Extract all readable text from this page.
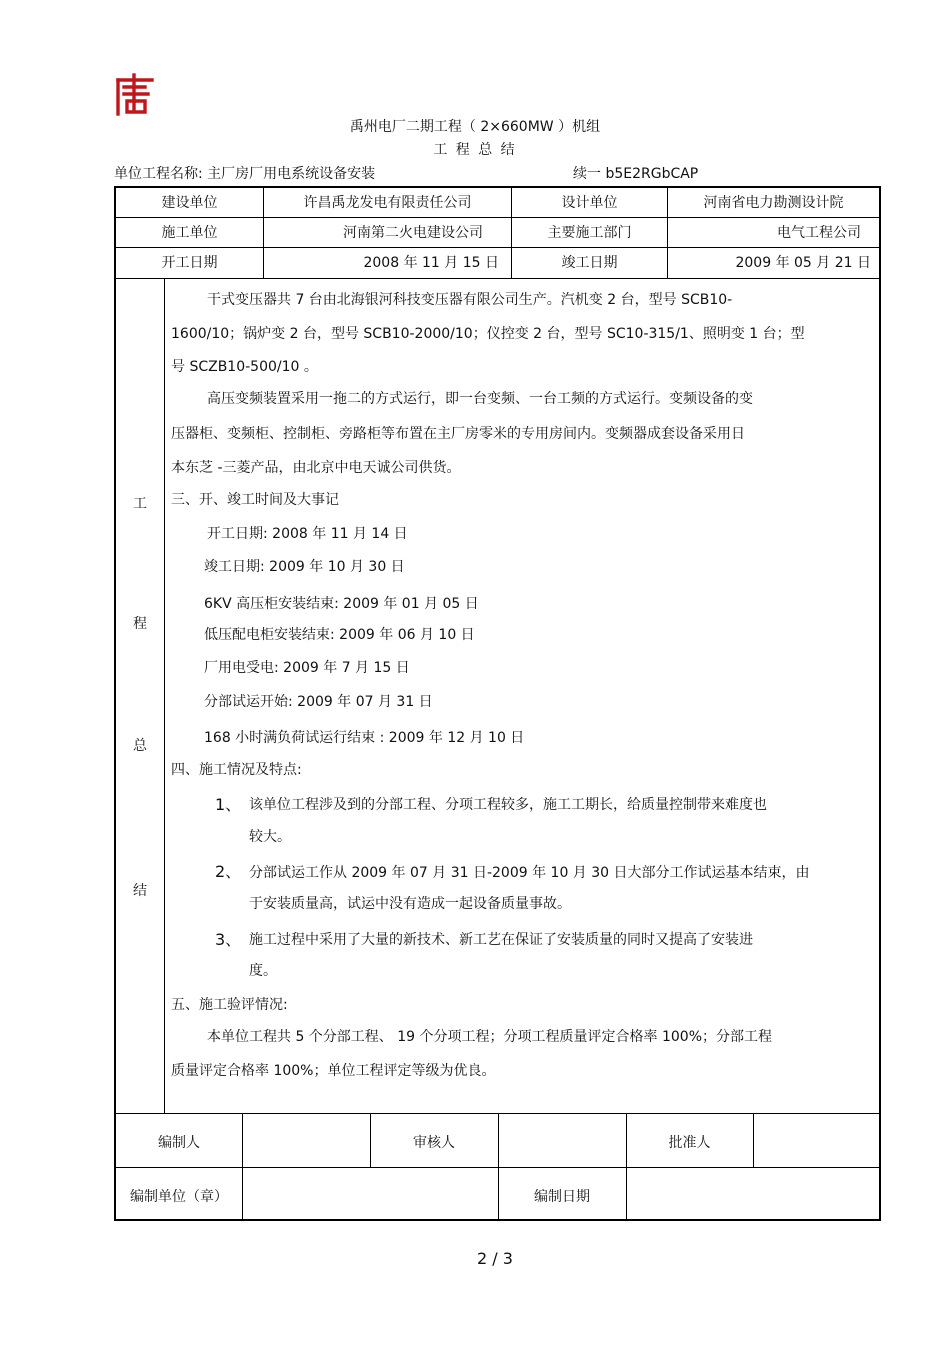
禹州电厂二期工程（ 2×660MW ）机组
工 程 总 结
单位工程名称: 主厂房厂用电系统设备安装	续一 b5E2RGbCAP
建设单位	许昌禹龙发电有限责任公司	设计单位	河南省电力勘测设计院
施工单位	河南第二火电建设公司	主要施工部门	电气工程公司
开工日期	2008 年 11 月 15 日	竣工日期	2009 年 05 月 21 日
工
程
总
结
干式变压器共 7 台由北海银河科技变压器有限公司生产。汽机变 2 台，型号 SCB10-
1600/10；锅炉变 2 台，型号 SCB10-2000/10；仪控变 2 台，型号 SC10-315/1、照明变 1 台；型
号 SCZB10-500/10 。
高压变频装置采用一拖二的方式运行，即一台变频、一台工频的方式运行。变频设备的变
压器柜、变频柜、控制柜、旁路柜等布置在主厂房零米的专用房间内。变频器成套设备采用日
本东芝 -三菱产品，由北京中电天诚公司供货。
三、开、竣工时间及大事记
开工日期: 2008 年 11 月 14 日
竣工日期: 2009 年 10 月 30 日
6KV 高压柜安装结束: 2009 年 01 月 05 日
低压配电柜安装结束: 2009 年 06 月 10 日
厂用电受电: 2009 年 7 月 15 日
分部试运开始: 2009 年 07 月 31 日
168 小时满负荷试运行结束 : 2009 年 12 月 10 日
四、施工情况及特点:
1、 该单位工程涉及到的分部工程、分项工程较多，施工工期长，给质量控制带来难度也
较大。
2、 分部试运工作从 2009 年 07 月 31 日-2009 年 10 月 30 日大部分工作试运基本结束，由
于安装质量高，试运中没有造成一起设备质量事故。
3、 施工过程中采用了大量的新技术、新工艺在保证了安装质量的同时又提高了安装进
度。
五、施工验评情况:
本单位工程共 5 个分部工程、 19 个分项工程；分项工程质量评定合格率 100%；分部工程
质量评定合格率 100%；单位工程评定等级为优良。
编制人	审核人	批准人
编制单位（章）	编制日期
2 / 3
